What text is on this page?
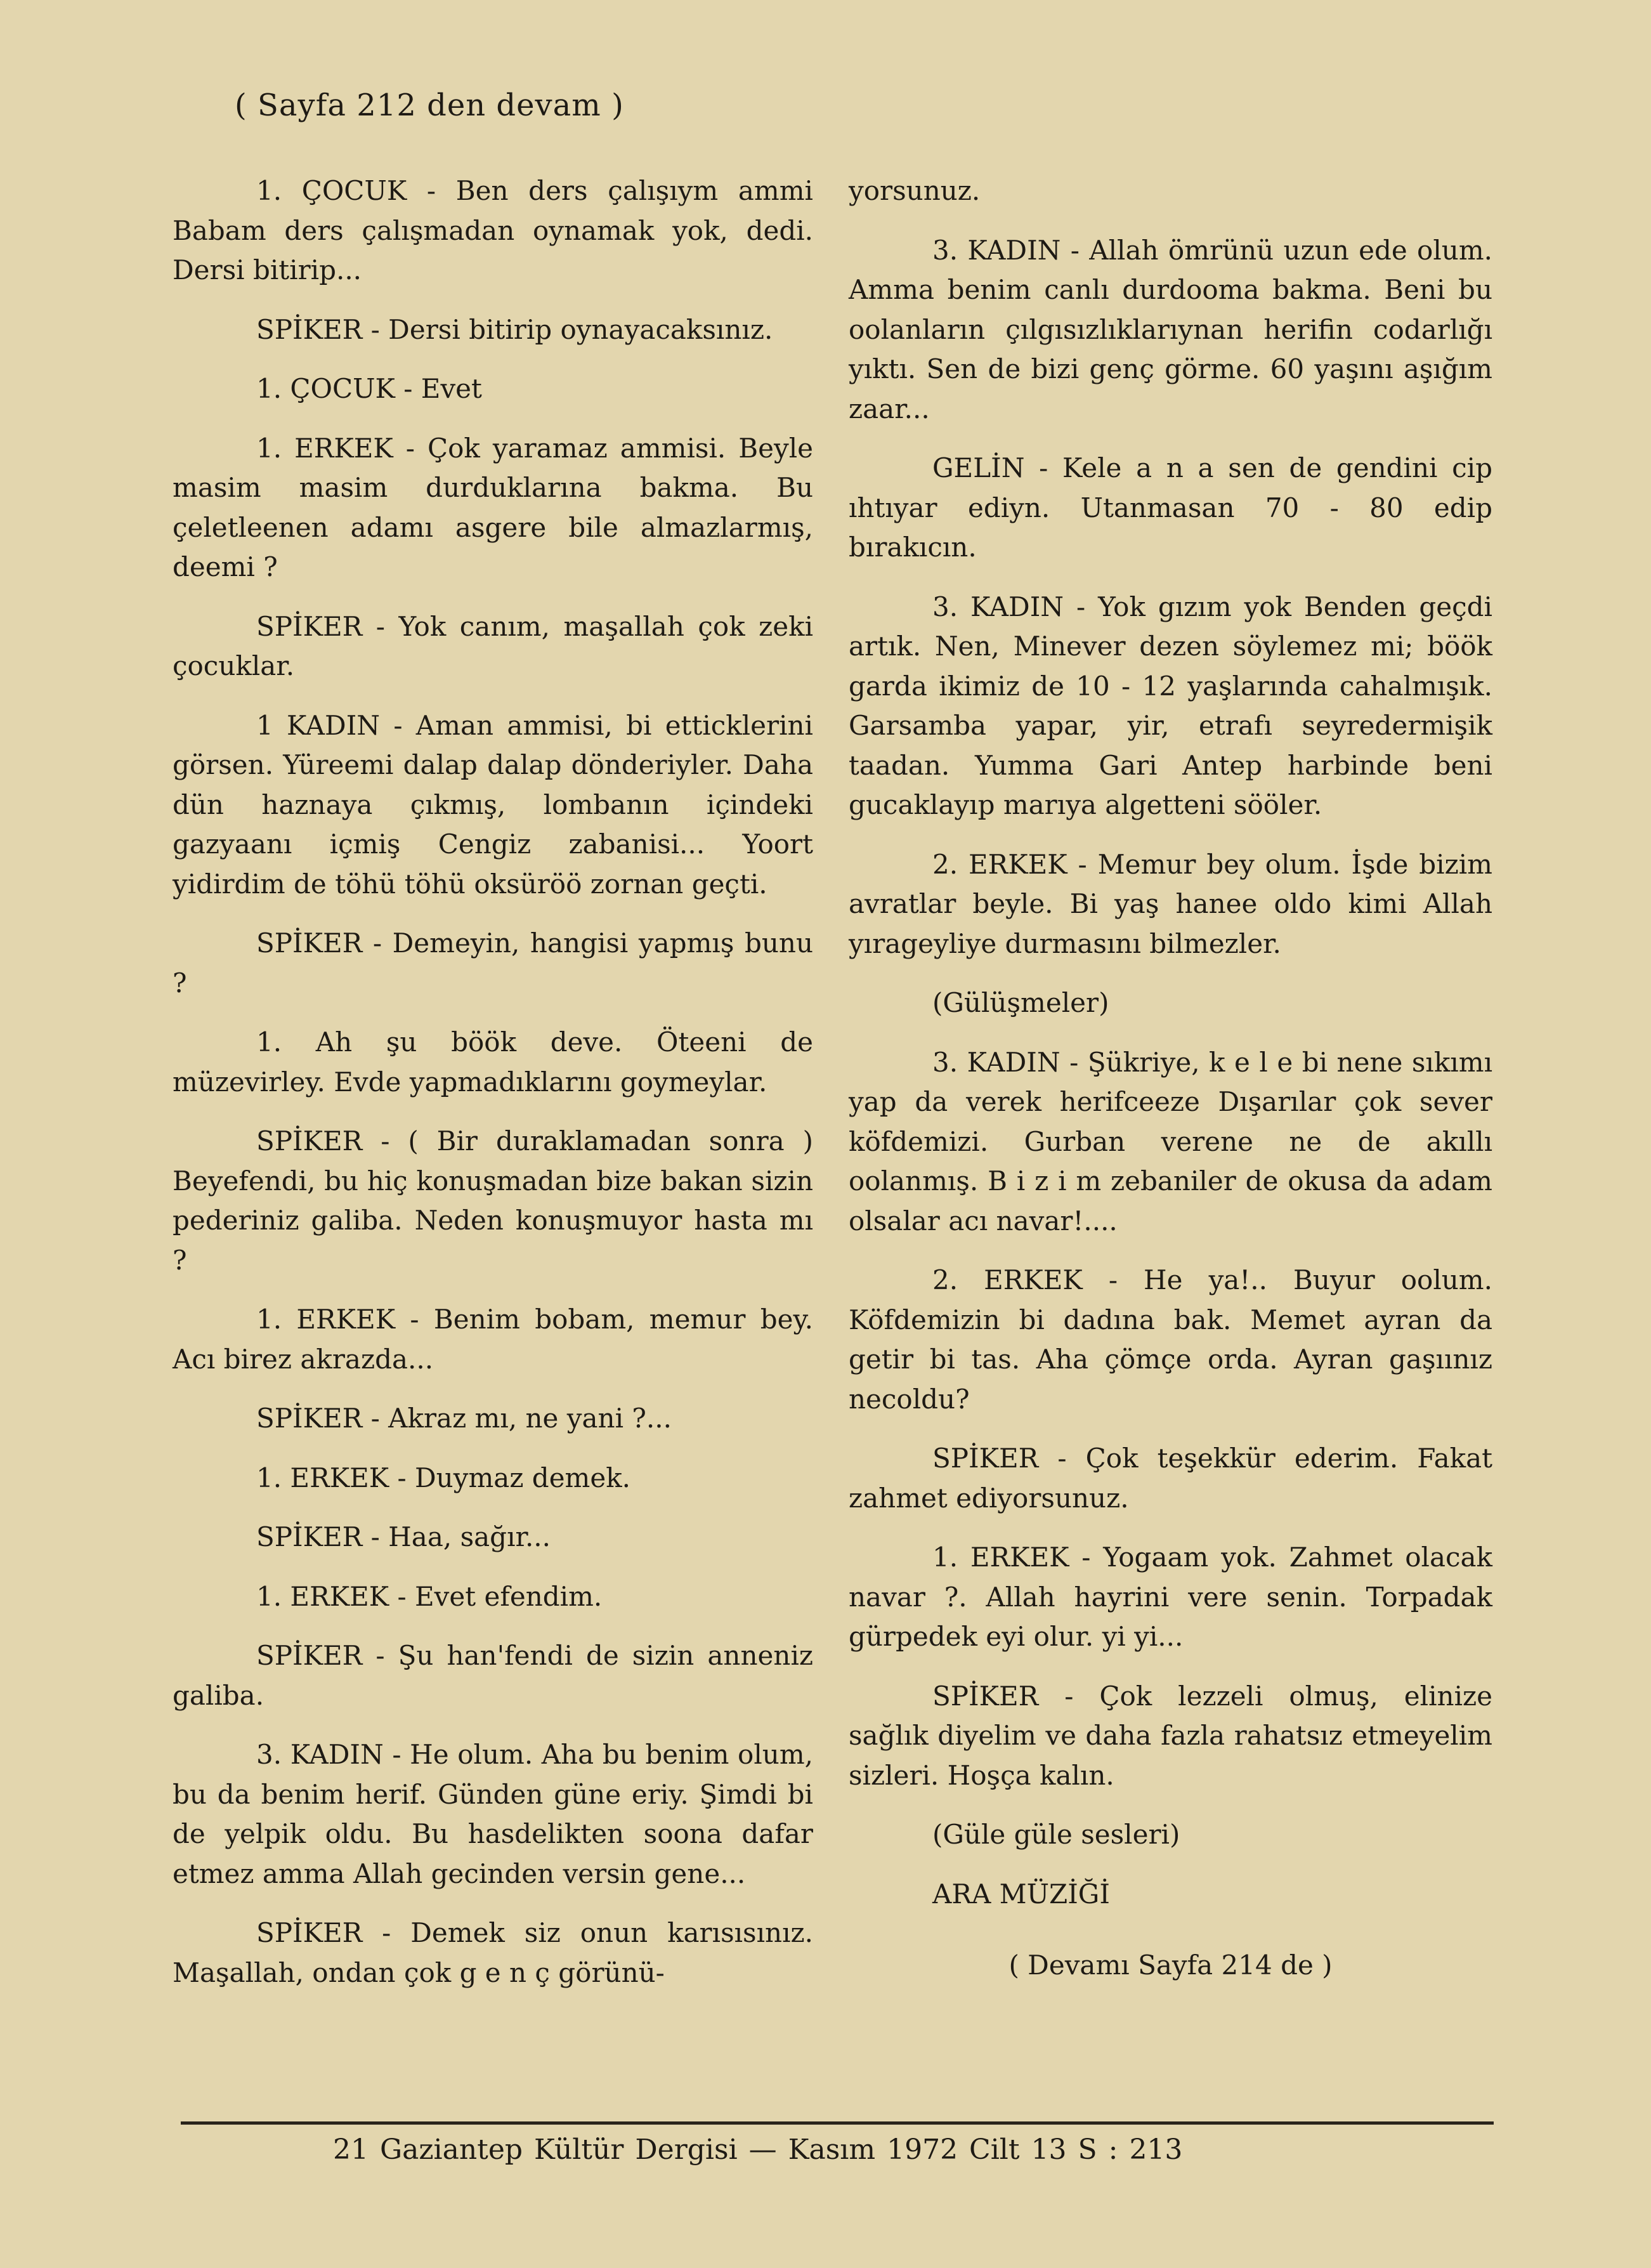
( Sayfa 212 den devam )

1. ÇOCUK - Ben ders çalışıym ammi Babam ders çalışmadan oynamak yok, dedi. Dersi bitirip...

SPİKER - Dersi bitirip oynayacaksınız.

1. ÇOCUK - Evet

1. ERKEK - Çok yaramaz ammisi. Beyle masim masim durduklarına bakma. Bu çeletleenen adamı asgere bile almazlarmış, deemi ?

SPİKER - Yok canım, maşallah çok zeki çocuklar.

1 KADIN - Aman ammisi, bi etticklerini görsen. Yüreemi dalap dalap dönderiyler. Daha dün haznaya çıkmış, lombanın içindeki gazyaanı içmiş Cengiz zabanisi... Yoort yidirdim de töhü töhü oksüröö zornan geçti.

SPİKER - Demeyin, hangisi yapmış bunu ?

1. Ah şu böök deve. Öteeni de müzevirley. Evde yapmadıklarını goymeylar.

SPİKER - ( Bir duraklamadan sonra ) Beyefendi, bu hiç konuşmadan bize bakan sizin pederiniz galiba. Neden konuşmuyor hasta mı ?

1. ERKEK - Benim bobam, memur bey. Acı birez akrazda...

SPİKER - Akraz mı, ne yani ?...

1. ERKEK - Duymaz demek.

SPİKER - Haa, sağır...

1. ERKEK - Evet efendim.

SPİKER - Şu han'fendi de sizin anneniz galiba.

3. KADIN - He olum. Aha bu benim olum, bu da benim herif. Günden güne eriy. Şimdi bi de yelpik oldu. Bu hasdelikten soona dafar etmez amma Allah gecinden versin gene...

SPİKER - Demek siz onun karısısınız. Maşallah, ondan çok g e n ç görünü-

yorsunuz.

3. KADIN - Allah ömrünü uzun ede olum. Amma benim canlı durdooma bakma. Beni bu oolanların çılgısızlıklarıynan herifin codarlığı yıktı. Sen de bizi genç görme. 60 yaşını aşığım zaar...

GELİN - Kele a n a sen de gendini cip ıhtıyar ediyn. Utanmasan 70 - 80 edip bırakıcın.

3. KADIN - Yok gızım yok Benden geçdi artık. Nen, Minever dezen söylemez mi; böök garda ikimiz de 10 - 12 yaşlarında cahalmışık. Garsamba yapar, yir, etrafı seyredermişik taadan. Yumma Gari Antep harbinde beni gucaklayıp marıya algetteni sööler.

2. ERKEK - Memur bey olum. İşde bizim avratlar beyle. Bi yaş hanee oldo kimi Allah yıragеyliye durmasını bilmezler.

(Gülüşmeler)

3. KADIN - Şükriye, k e l e bi nene sıkımı yap da verek herifceeze Dışarılar çok sever köfdemizi. Gurban verene ne de akıllı oolanmış. B i z i m zebaniler de okusa da adam olsalar acı navar!....

2. ERKEK - He ya!.. Buyur oolum. Köfdemizin bi dadına bak. Memet ayran da getir bi tas. Aha çömçe orda. Ayran gaşıınız necoldu?

SPİKER - Çok teşekkür ederim. Fakat zahmet ediyorsunuz.

1. ERKEK - Yogaam yok. Zahmet olacak navar ?. Allah hayrini vere senin. Torpadak gürpedek eyi olur. yi yi...

SPİKER - Çok lezzeli olmuş, elinize sağlık diyelim ve daha fazla rahatsız etmeyelim sizleri. Hoşça kalın.

(Güle güle sesleri)

ARA MÜZİĞİ

( Devamı Sayfa 214 de )

21 Gaziantep Kültür Dergisi — Kasım 1972 Cilt 13 S : 213
